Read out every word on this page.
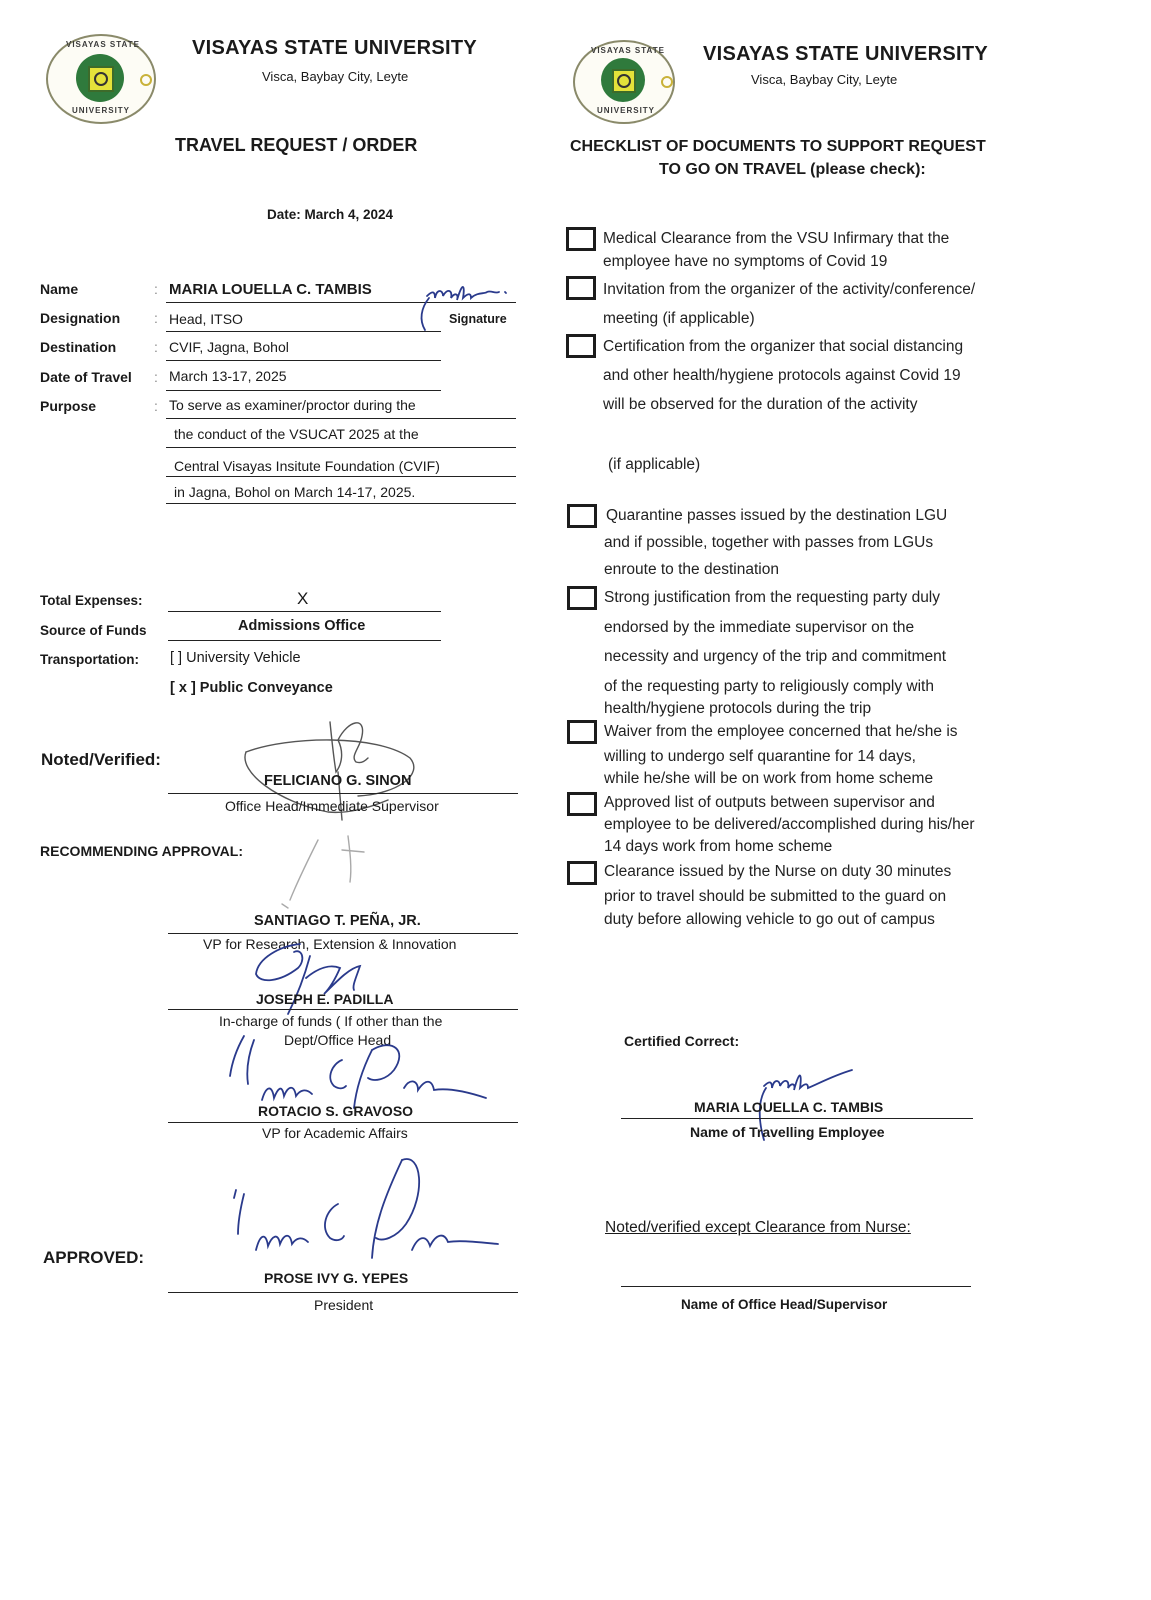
VISAYAS STATE
UNIVERSITY
VISAYAS STATE UNIVERSITY
Visca, Baybay City, Leyte
TRAVEL REQUEST / ORDER
Date: March 4, 2024
Name	: MARIA LOUELLA C. TAMBIS
Signature
Designation : Head, ITSO
Destination	: CVIF, Jagna, Bohol
Date of Travel : March 13-17, 2025
Purpose	: To serve as examiner/proctor during the
the conduct of the VSUCAT 2025 at the
Central Visayas Insitute Foundation (CVIF)
in Jagna, Bohol on March 14-17, 2025.
Total Expenses:	X
Source of Funds	Admissions Office
Transportation: [ ] University Vehicle
[ x ] Public Conveyance
Noted/Verified:
FELICIANO G. SINON
Office Head/Immediate Supervisor
RECOMMENDING APPROVAL:
SANTIAGO T. PEÑA, JR.
VP for Research, Extension & Innovation
JOSEPH E. PADILLA
In-charge of funds ( If other than the
Dept/Office Head
ROTACIO S. GRAVOSO
VP for Academic Affairs
APPROVED:
PROSE IVY G. YEPES
President
VISAYAS STATE
UNIVERSITY
VISAYAS STATE UNIVERSITY
Visca, Baybay City, Leyte
CHECKLIST OF DOCUMENTS TO SUPPORT REQUEST
TO GO ON TRAVEL (please check):
Medical Clearance from the VSU Infirmary that the
employee have no symptoms of Covid 19
Invitation from the organizer of the activity/conference/
meeting (if applicable)
Certification from the organizer that social distancing
and other health/hygiene protocols against Covid 19
will be observed for the duration of the activity
(if applicable)
Quarantine passes issued by the destination LGU
and if possible, together with passes from LGUs
enroute to the destination
Strong justification from the requesting party duly
endorsed by the immediate supervisor on the
necessity and urgency of the trip and commitment
of the requesting party to religiously comply with
health/hygiene protocols during the trip
Waiver from the employee concerned that he/she is
willing to undergo self quarantine for 14 days,
while he/she will be on work from home scheme
Approved list of outputs between supervisor and
employee to be delivered/accomplished during his/her
14 days work from home scheme
Clearance issued by the Nurse on duty 30 minutes
prior to travel should be submitted to the guard on
duty before allowing vehicle to go out of campus
Certified Correct:
MARIA LOUELLA C. TAMBIS
Name of Travelling Employee
Noted/verified except Clearance from Nurse:
Name of Office Head/Supervisor
